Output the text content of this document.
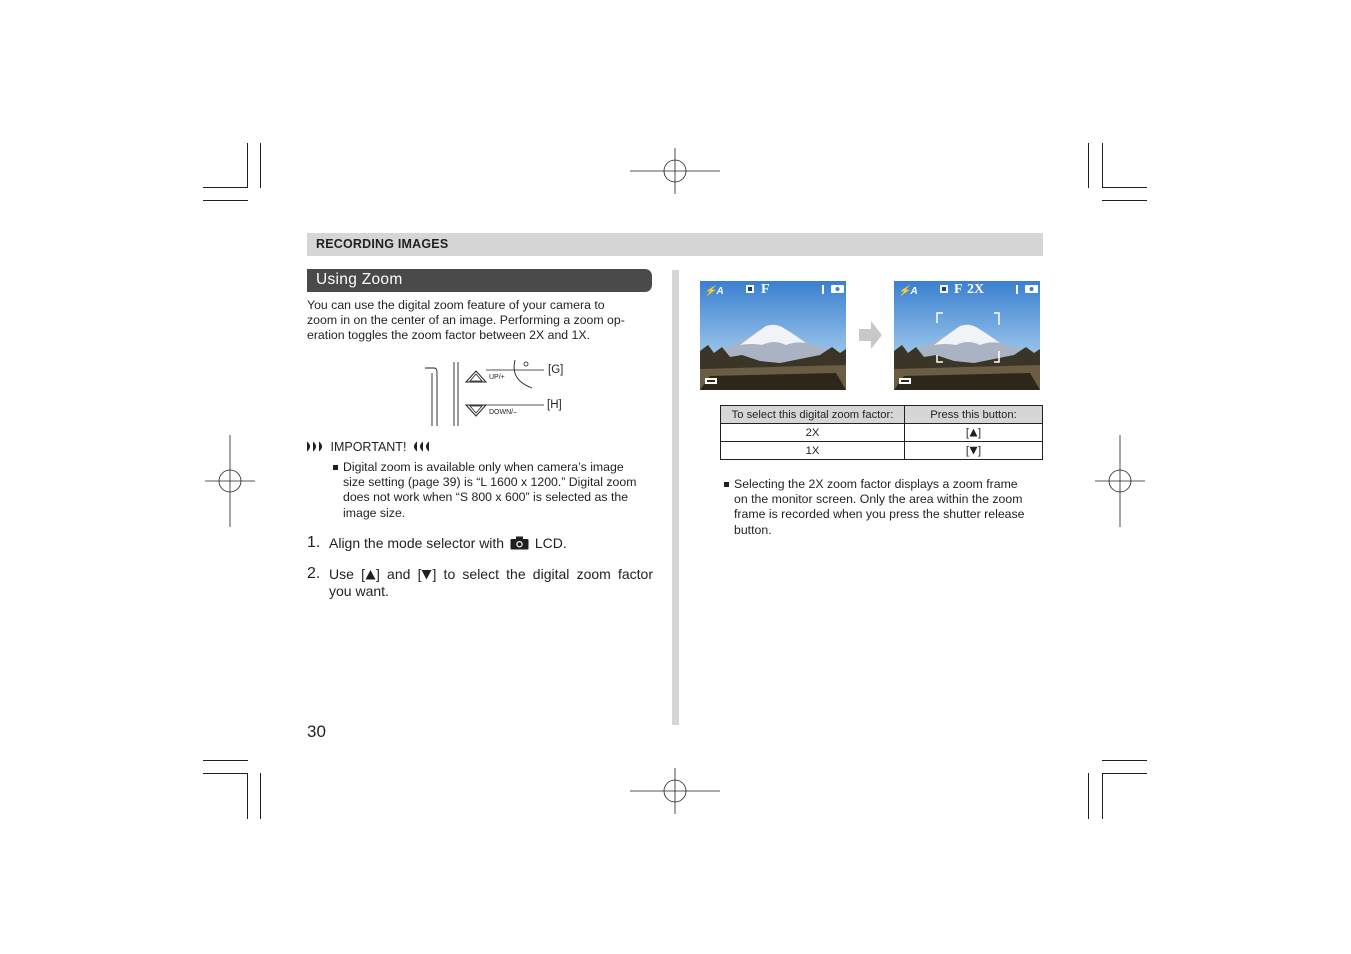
RECORDING IMAGES
Using Zoom
You can use the digital zoom feature of your camera to
zoom in on the center of an image. Performing a zoom op-
eration toggles the zoom factor between 2X and 1X.
UP/+
DOWN/–
[G]
[H]
IMPORTANT!
Digital zoom is available only when camera’s image
size setting (page 39) is “L 1600 x 1200.” Digital zoom
does not work when “S 800 x 600” is selected as the
image size.
1. Align the mode selector with LCD.
2. Use [ ] and [ ] to select the digital zoom factor
you want.
30
⚡A	F	⚡A	F 2X
To select this digital zoom factor:	Press this button:
2X	[ ]
1X	[ ]
Selecting the 2X zoom factor displays a zoom frame
on the monitor screen. Only the area within the zoom
frame is recorded when you press the shutter release
button.
